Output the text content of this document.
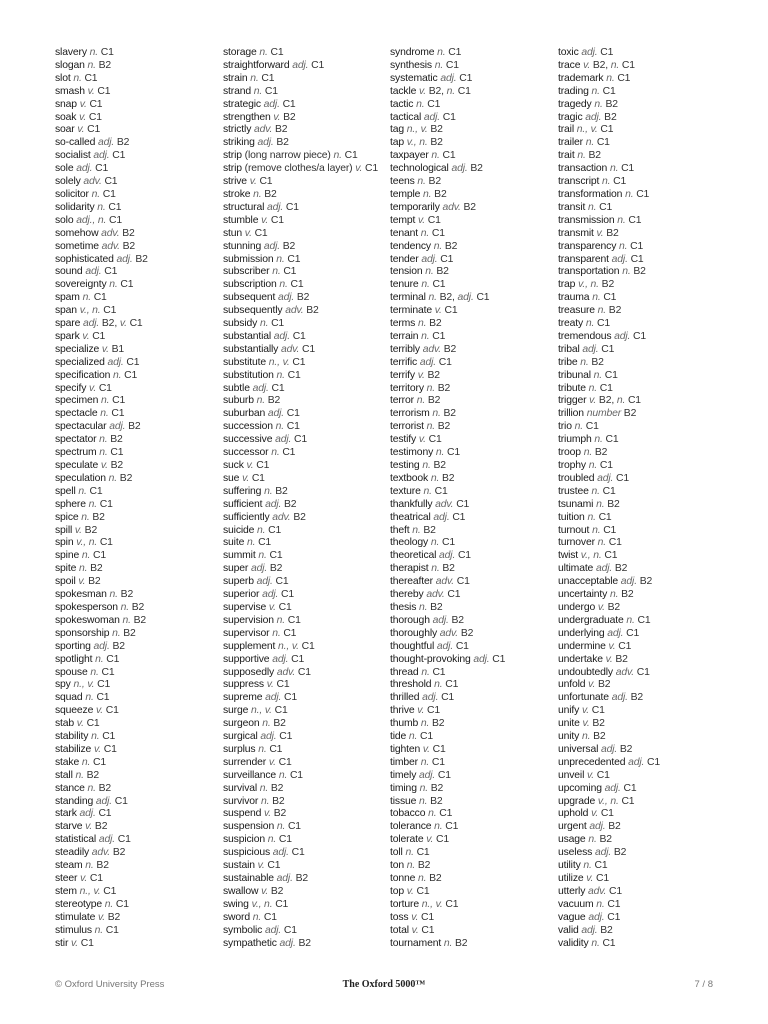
slavery n. C1
slogan n. B2
slot n. C1
smash v. C1
snap v. C1
soak v. C1
soar v. C1
so-called adj. B2
socialist adj. C1
sole adj. C1
solely adv. C1
solicitor n. C1
solidarity n. C1
solo adj., n. C1
somehow adv. B2
sometime adv. B2
sophisticated adj. B2
sound adj. C1
sovereignty n. C1
spam n. C1
span v., n. C1
spare adj. B2, v. C1
spark v. C1
specialize v. B1
specialized adj. C1
specification n. C1
specify v. C1
specimen n. C1
spectacle n. C1
spectacular adj. B2
spectator n. B2
spectrum n. C1
speculate v. B2
speculation n. B2
spell n. C1
sphere n. C1
spice n. B2
spill v. B2
spin v., n. C1
spine n. C1
spite n. B2
spoil v. B2
spokesman n. B2
spokesperson n. B2
spokeswoman n. B2
sponsorship n. B2
sporting adj. B2
spotlight n. C1
spouse n. C1
spy n., v. C1
squad n. C1
squeeze v. C1
stab v. C1
stability n. C1
stabilize v. C1
stake n. C1
stall n. B2
stance n. B2
standing adj. C1
stark adj. C1
starve v. B2
statistical adj. C1
steadily adv. B2
steam n. B2
steer v. C1
stem n., v. C1
stereotype n. C1
stimulate v. B2
stimulus n. C1
stir v. C1
storage n. C1
straightforward adj. C1
strain n. C1
strand n. C1
strategic adj. C1
strengthen v. B2
strictly adv. B2
striking adj. B2
strip (long narrow piece) n. C1
strip (remove clothes/a layer) v. C1
strive v. C1
stroke n. B2
structural adj. C1
stumble v. C1
stun v. C1
stunning adj. B2
submission n. C1
subscriber n. C1
subscription n. C1
subsequent adj. B2
subsequently adv. B2
subsidy n. C1
substantial adj. C1
substantially adv. C1
substitute n., v. C1
substitution n. C1
subtle adj. C1
suburb n. B2
suburban adj. C1
succession n. C1
successive adj. C1
successor n. C1
suck v. C1
sue v. C1
suffering n. B2
sufficient adj. B2
sufficiently adv. B2
suicide n. C1
suite n. C1
summit n. C1
super adj. B2
superb adj. C1
superior adj. C1
supervise v. C1
supervision n. C1
supervisor n. C1
supplement n., v. C1
supportive adj. C1
supposedly adv. C1
suppress v. C1
supreme adj. C1
surge n., v. C1
surgeon n. B2
surgical adj. C1
surplus n. C1
surrender v. C1
surveillance n. C1
survival n. B2
survivor n. B2
suspend v. B2
suspension n. C1
suspicion n. C1
suspicious adj. C1
sustain v. C1
sustainable adj. B2
swallow v. B2
swing v., n. C1
sword n. C1
symbolic adj. C1
sympathetic adj. B2
syndrome n. C1
synthesis n. C1
systematic adj. C1
tackle v. B2, n. C1
tactic n. C1
tactical adj. C1
tag n., v. B2
tap v., n. B2
taxpayer n. C1
technological adj. B2
teens n. B2
temple n. B2
temporarily adv. B2
tempt v. C1
tenant n. C1
tendency n. B2
tender adj. C1
tension n. B2
tenure n. C1
terminal n. B2, adj. C1
terminate v. C1
terms n. B2
terrain n. C1
terribly adv. B2
terrific adj. C1
terrify v. B2
territory n. B2
terror n. B2
terrorism n. B2
terrorist n. B2
testify v. C1
testimony n. C1
testing n. B2
textbook n. B2
texture n. C1
thankfully adv. C1
theatrical adj. C1
theft n. B2
theology n. C1
theoretical adj. C1
therapist n. B2
thereafter adv. C1
thereby adv. C1
thesis n. B2
thorough adj. B2
thoroughly adv. B2
thoughtful adj. C1
thought-provoking adj. C1
thread n. C1
threshold n. C1
thrilled adj. C1
thrive v. C1
thumb n. B2
tide n. C1
tighten v. C1
timber n. C1
timely adj. C1
timing n. B2
tissue n. B2
tobacco n. C1
tolerance n. C1
tolerate v. C1
toll n. C1
ton n. B2
tonne n. B2
top v. C1
torture n., v. C1
toss v. C1
total v. C1
tournament n. B2
toxic adj. C1
trace v. B2, n. C1
trademark n. C1
trading n. C1
tragedy n. B2
tragic adj. B2
trail n., v. C1
trailer n. C1
trait n. B2
transaction n. C1
transcript n. C1
transformation n. C1
transit n. C1
transmission n. C1
transmit v. B2
transparency n. C1
transparent adj. C1
transportation n. B2
trap v., n. B2
trauma n. C1
treasure n. B2
treaty n. C1
tremendous adj. C1
tribal adj. C1
tribe n. B2
tribunal n. C1
tribute n. C1
trigger v. B2, n. C1
trillion number B2
trio n. C1
triumph n. C1
troop n. B2
trophy n. C1
troubled adj. C1
trustee n. C1
tsunami n. B2
tuition n. C1
turnout n. C1
turnover n. C1
twist v., n. C1
ultimate adj. B2
unacceptable adj. B2
uncertainty n. B2
undergo v. B2
undergraduate n. C1
underlying adj. C1
undermine v. C1
undertake v. B2
undoubtedly adv. C1
unfold v. B2
unfortunate adj. B2
unify v. C1
unite v. B2
unity n. B2
universal adj. B2
unprecedented adj. C1
unveil v. C1
upcoming adj. C1
upgrade v., n. C1
uphold v. C1
urgent adj. B2
usage n. B2
useless adj. B2
utility n. C1
utilize v. C1
utterly adv. C1
vacuum n. C1
vague adj. C1
valid adj. B2
validity n. C1
© Oxford University Press	The Oxford 5000™	7 / 8
